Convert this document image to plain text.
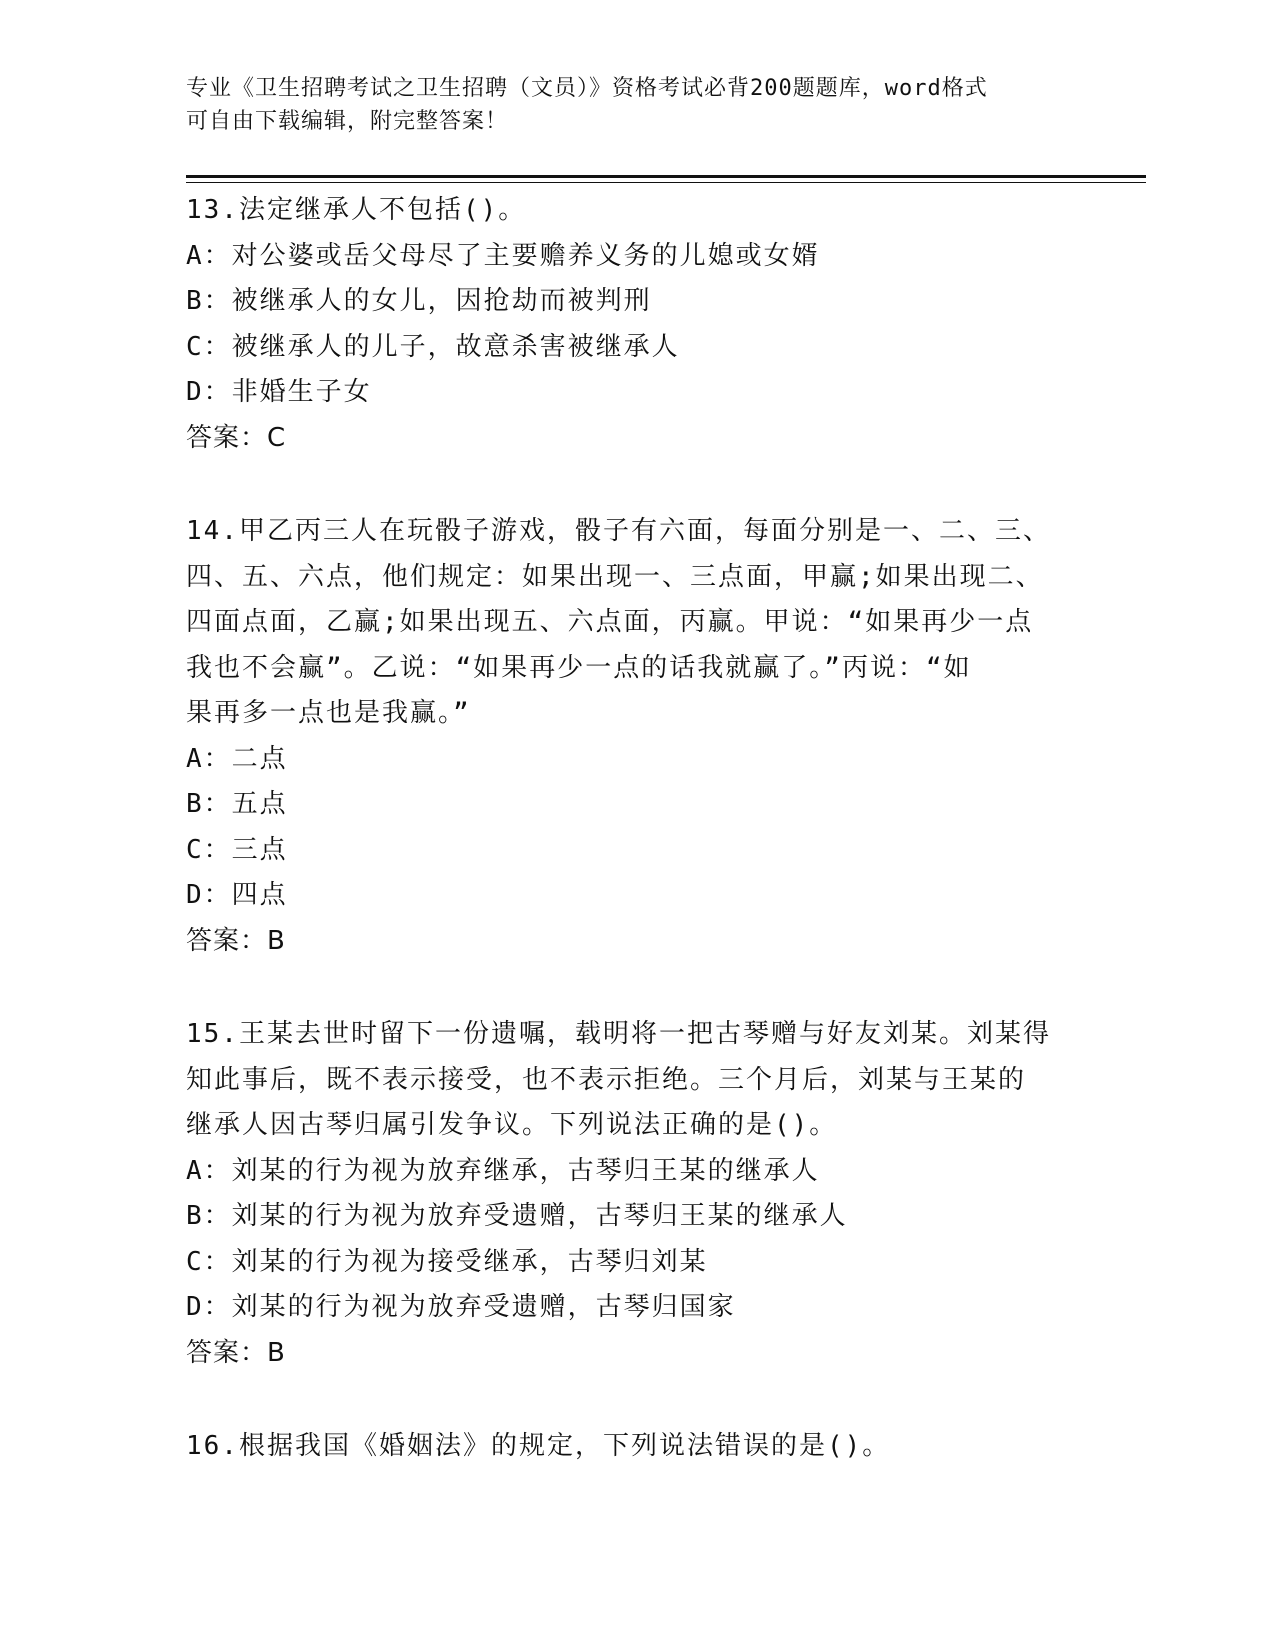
专业《卫生招聘考试之卫生招聘（文员）》资格考试必背200题题库，word格式
可自由下载编辑，附完整答案！
13.法定继承人不包括()。
A：对公婆或岳父母尽了主要赡养义务的儿媳或女婿
B：被继承人的女儿，因抢劫而被判刑
C：被继承人的儿子，故意杀害被继承人
D：非婚生子女
答案：C
14.甲乙丙三人在玩骰子游戏，骰子有六面，每面分别是一、二、三、
四、五、六点，他们规定：如果出现一、三点面，甲赢;如果出现二、
四面点面，乙赢;如果出现五、六点面，丙赢。甲说：“如果再少一点
我也不会赢”。乙说：“如果再少一点的话我就赢了。”丙说：“如
果再多一点也是我赢。”
A：二点
B：五点
C：三点
D：四点
答案：B
15.王某去世时留下一份遗嘱，载明将一把古琴赠与好友刘某。刘某得
知此事后，既不表示接受，也不表示拒绝。三个月后，刘某与王某的
继承人因古琴归属引发争议。下列说法正确的是()。
A：刘某的行为视为放弃继承，古琴归王某的继承人
B：刘某的行为视为放弃受遗赠，古琴归王某的继承人
C：刘某的行为视为接受继承，古琴归刘某
D：刘某的行为视为放弃受遗赠，古琴归国家
答案：B
16.根据我国《婚姻法》的规定，下列说法错误的是()。
